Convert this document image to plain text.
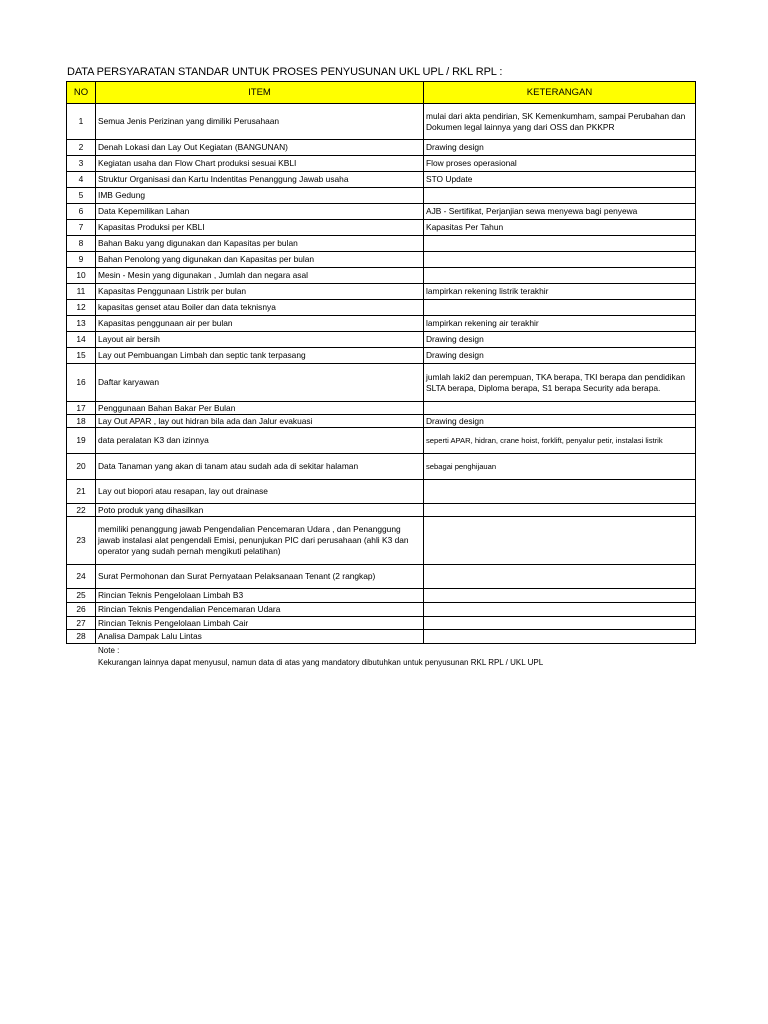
DATA PERSYARATAN STANDAR UNTUK PROSES PENYUSUNAN UKL UPL / RKL RPL :
NO	ITEM	KETERANGAN
1	Semua Jenis Perizinan yang dimiliki Perusahaan	mulai dari akta pendirian, SK Kemenkumham, sampai Perubahan dan Dokumen legal lainnya yang dari OSS dan PKKPR
2	Denah Lokasi dan Lay Out Kegiatan (BANGUNAN)	Drawing design
3	Kegiatan usaha dan Flow Chart produksi sesuai KBLI	Flow proses operasional
4	Struktur Organisasi dan Kartu Indentitas Penanggung Jawab usaha	STO Update
5	IMB Gedung	
6	Data Kepemilikan Lahan	AJB - Sertifikat, Perjanjian sewa menyewa bagi penyewa
7	Kapasitas Produksi per KBLI	Kapasitas Per Tahun
8	Bahan Baku yang digunakan dan Kapasitas per bulan	
9	Bahan Penolong yang digunakan dan Kapasitas per bulan	
10	Mesin - Mesin yang digunakan , Jumlah dan negara asal	
11	Kapasitas Penggunaan Listrik per bulan	lampirkan rekening listrik terakhir
12	kapasitas genset atau Boiler dan data teknisnya	
13	Kapasitas penggunaan air per bulan	lampirkan rekening air terakhir
14	Layout air bersih	Drawing design
15	Lay out Pembuangan Limbah dan septic tank terpasang	Drawing design
16	Daftar karyawan	jumlah laki2 dan perempuan, TKA berapa, TKI berapa dan pendidikan SLTA berapa, Diploma berapa, S1 berapa Security ada berapa.
17	Penggunaan Bahan Bakar Per Bulan	
18	Lay Out APAR , lay out hidran bila ada dan Jalur evakuasi	Drawing design
19	data peralatan K3 dan izinnya	seperti APAR, hidran, crane hoist, forklift, penyalur petir, instalasi listrik
20	Data Tanaman yang akan di tanam atau sudah ada di sekitar halaman	sebagai penghijauan
21	Lay out biopori atau resapan, lay out drainase	
22	Poto produk yang dihasilkan	
23	memiliki penanggung jawab Pengendalian Pencemaran Udara , dan Penanggung jawab instalasi alat pengendali Emisi, penunjukan PIC dari perusahaan (ahli K3 dan operator yang sudah pernah mengikuti pelatihan)	
24	Surat Permohonan dan Surat Pernyataan Pelaksanaan Tenant (2 rangkap)	
25	Rincian Teknis Pengelolaan Limbah B3	
26	Rincian Teknis Pengendalian Pencemaran Udara	
27	Rincian Teknis Pengelolaan Limbah Cair	
28	Analisa Dampak Lalu Lintas	
Note :
Kekurangan lainnya dapat menyusul, namun data di atas yang mandatory dibutuhkan untuk penyusunan RKL RPL / UKL UPL
